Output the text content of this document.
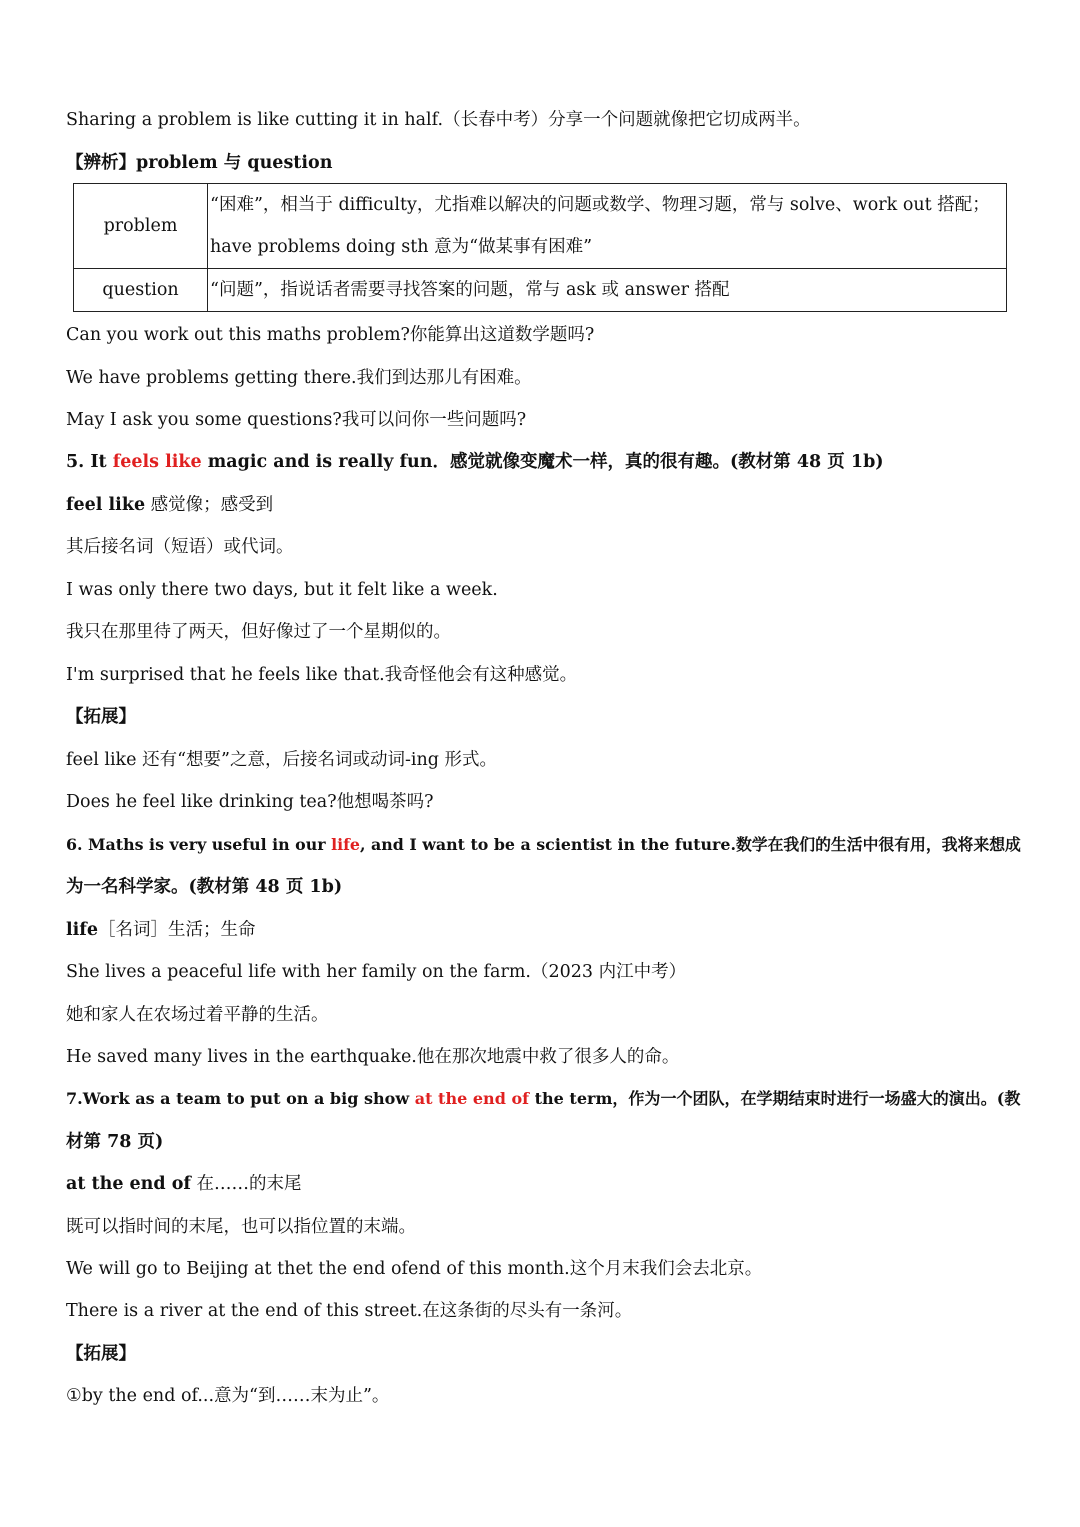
Sharing a problem is like cutting it in half.（长春中考）分享一个问题就像把它切成两半。
【辨析】problem 与 question
problem	“困难”，相当于 difficulty，尤指难以解决的问题或数学、物理习题，常与 solve、work out 搭配；
have problems doing sth 意为“做某事有困难”

question	“问题”，指说话者需要寻找答案的问题，常与 ask 或 answer 搭配
Can you work out this maths problem?你能算出这道数学题吗?
We have problems getting there.我们到达那儿有困难。
May I ask you some questions?我可以问你一些问题吗?
5. It feels like magic and is really fun．感觉就像变魔术一样，真的很有趣。(教材第 48 页 1b)
feel like 感觉像；感受到
其后接名词（短语）或代词。
I was only there two days, but it felt like a week.
我只在那里待了两天，但好像过了一个星期似的。
I'm surprised that he feels like that.我奇怪他会有这种感觉。
【拓展】
feel like 还有“想要”之意，后接名词或动词-ing 形式。
Does he feel like drinking tea?他想喝茶吗?
6. Maths is very useful in our life, and I want to be a scientist in the future.数学在我们的生活中很有用，我将来想成
为一名科学家。(教材第 48 页 1b)
life［名词］生活；生命
She lives a peaceful life with her family on the farm.（2023 内江中考）
她和家人在农场过着平静的生活。
He saved many lives in the earthquake.他在那次地震中救了很多人的命。
7.Work as a team to put on a big show at the end of the term，作为一个团队，在学期结束时进行一场盛大的演出。(教
材第 78 页)
at the end of 在……的末尾
既可以指时间的末尾，也可以指位置的末端。
We will go to Beijing at thet the end ofend of this month.这个月末我们会去北京。
There is a river at the end of this street.在这条街的尽头有一条河。
【拓展】
①by the end of...意为“到……末为止”。
